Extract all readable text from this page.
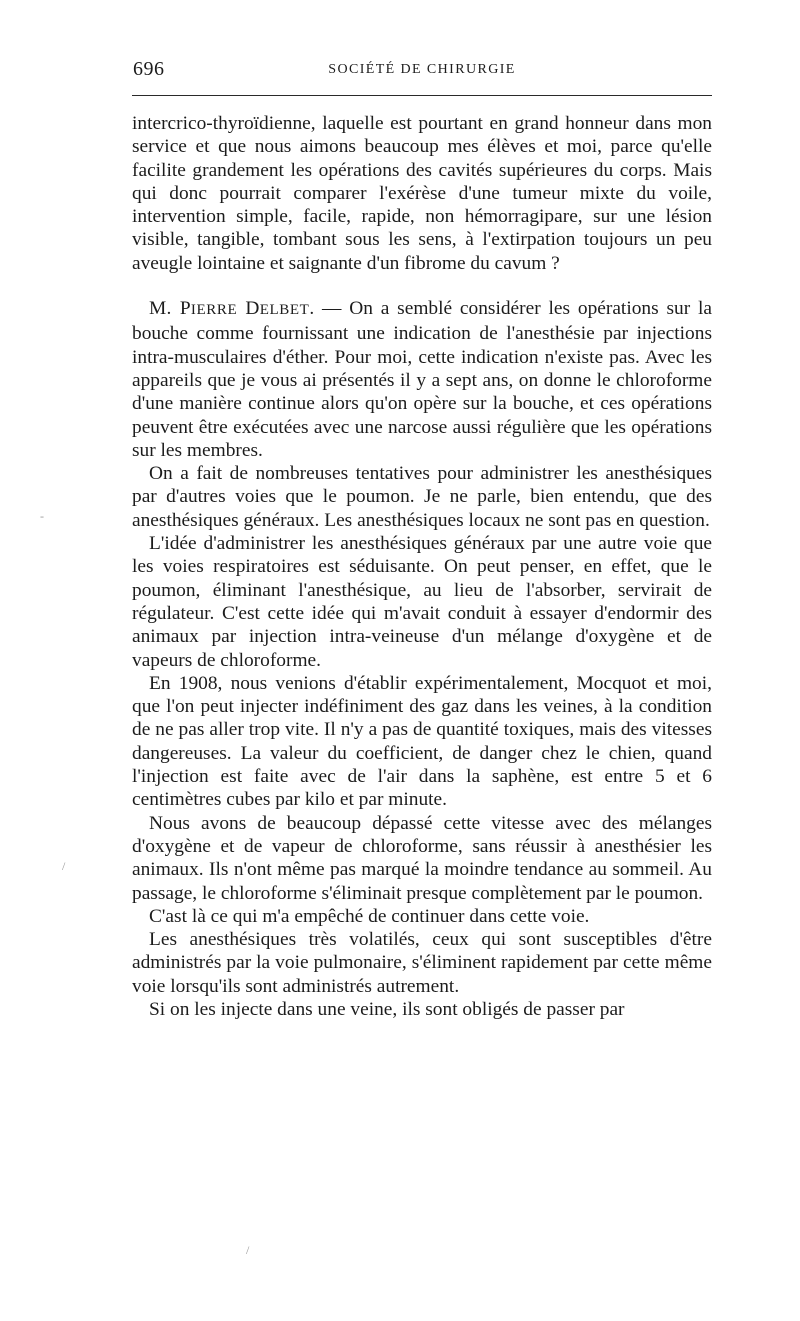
696	SOCIÉTÉ DE CHIRURGIE

intercrico-thyroïdienne, laquelle est pourtant en grand honneur dans mon service et que nous aimons beaucoup mes élèves et moi, parce qu'elle facilite grandement les opérations des cavités supérieures du corps. Mais qui donc pourrait comparer l'exérèse d'une tumeur mixte du voile, intervention simple, facile, rapide, non hémorragipare, sur une lésion visible, tangible, tombant sous les sens, à l'extirpation toujours un peu aveugle lointaine et saignante d'un fibrome du cavum ?

M. PIERRE DELBET. — On a semblé considérer les opérations sur la bouche comme fournissant une indication de l'anesthésie par injections intra-musculaires d'éther. Pour moi, cette indication n'existe pas. Avec les appareils que je vous ai présentés il y a sept ans, on donne le chloroforme d'une manière continue alors qu'on opère sur la bouche, et ces opérations peuvent être exécutées avec une narcose aussi régulière que les opérations sur les membres.

On a fait de nombreuses tentatives pour administrer les anesthésiques par d'autres voies que le poumon. Je ne parle, bien entendu, que des anesthésiques généraux. Les anesthésiques locaux ne sont pas en question.

L'idée d'administrer les anesthésiques généraux par une autre voie que les voies respiratoires est séduisante. On peut penser, en effet, que le poumon, éliminant l'anesthésique, au lieu de l'absorber, servirait de régulateur. C'est cette idée qui m'avait conduit à essayer d'endormir des animaux par injection intra-veineuse d'un mélange d'oxygène et de vapeurs de chloroforme.

En 1908, nous venions d'établir expérimentalement, Mocquot et moi, que l'on peut injecter indéfiniment des gaz dans les veines, à la condition de ne pas aller trop vite. Il n'y a pas de quantité toxiques, mais des vitesses dangereuses. La valeur du coefficient, de danger chez le chien, quand l'injection est faite avec de l'air dans la saphène, est entre 5 et 6 centimètres cubes par kilo et par minute.

Nous avons de beaucoup dépassé cette vitesse avec des mélanges d'oxygène et de vapeur de chloroforme, sans réussir à anesthésier les animaux. Ils n'ont même pas marqué la moindre tendance au sommeil. Au passage, le chloroforme s'éliminait presque complètement par le poumon.

C'ast là ce qui m'a empêché de continuer dans cette voie.

Les anesthésiques très volatilés, ceux qui sont susceptibles d'être administrés par la voie pulmonaire, s'éliminent rapidement par cette même voie lorsqu'ils sont administrés autrement.

Si on les injecte dans une veine, ils sont obligés de passer par

-
/
/
